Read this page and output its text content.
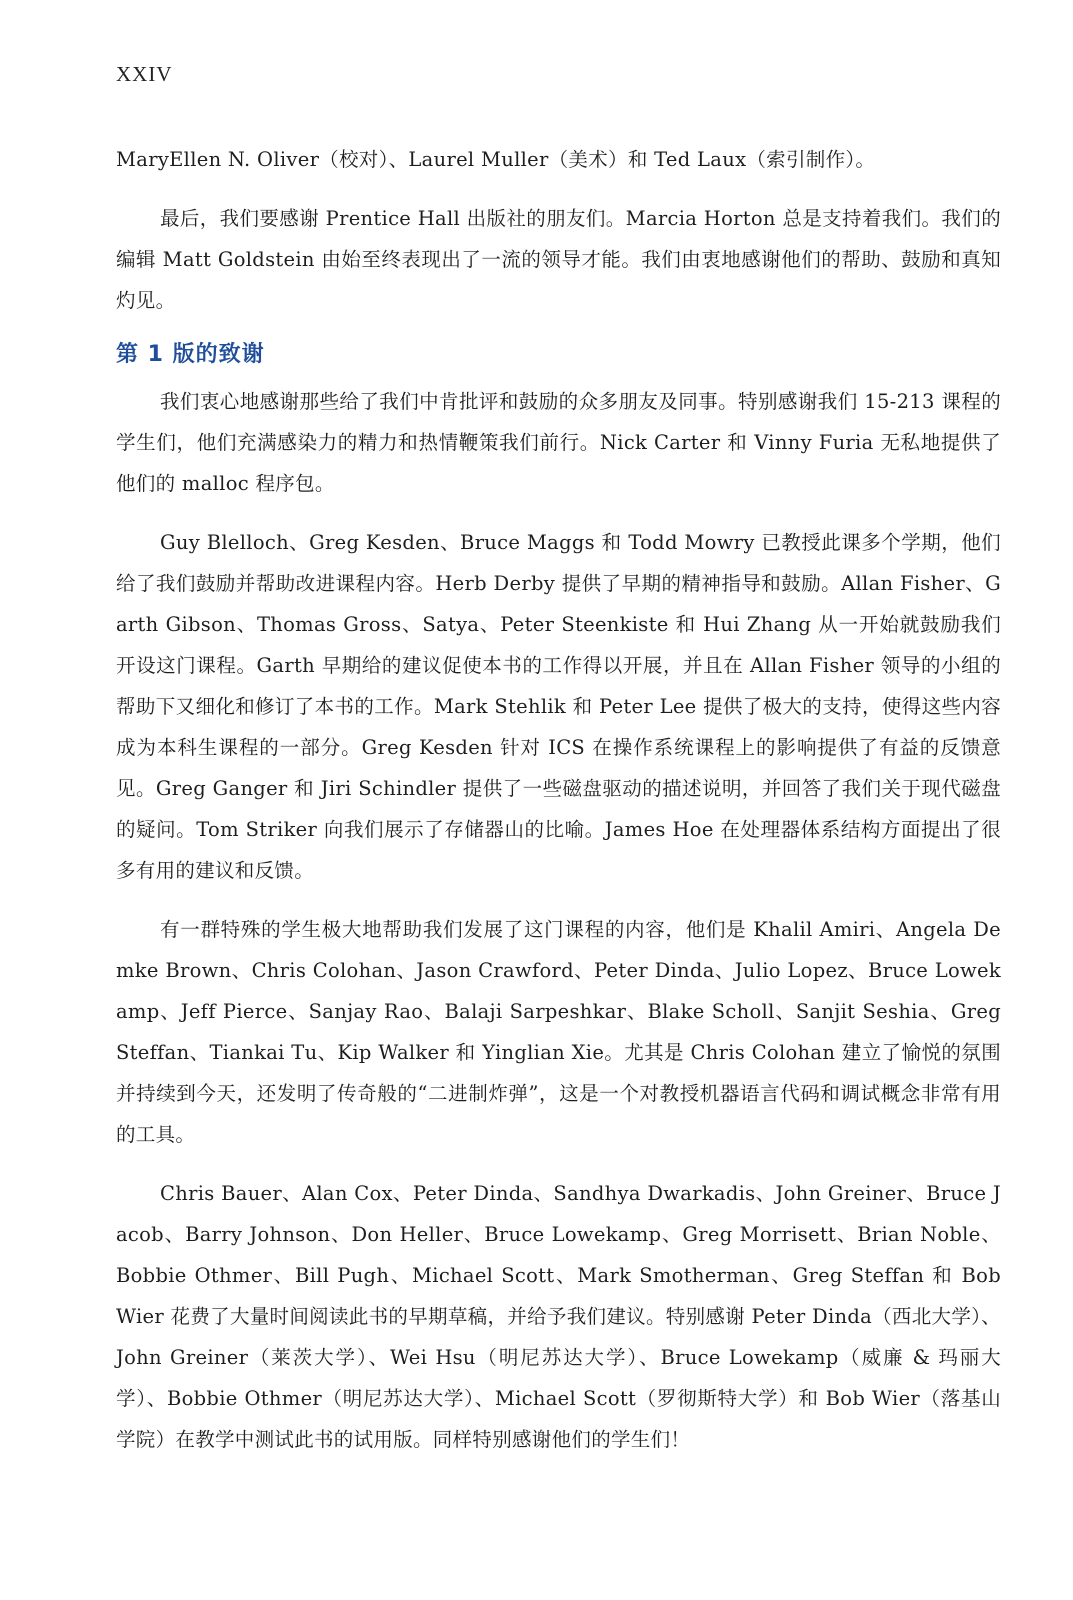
XXIV

MaryEllen N. Oliver（校对）、Laurel Muller（美术）和 Ted Laux（索引制作）。

最后，我们要感谢 Prentice Hall 出版社的朋友们。Marcia Horton 总是支持着我们。我们的编辑 Matt Goldstein 由始至终表现出了一流的领导才能。我们由衷地感谢他们的帮助、鼓励和真知灼见。

第 1 版的致谢

我们衷心地感谢那些给了我们中肯批评和鼓励的众多朋友及同事。特别感谢我们 15-213 课程的学生们，他们充满感染力的精力和热情鞭策我们前行。Nick Carter 和 Vinny Furia 无私地提供了他们的 malloc 程序包。

Guy Blelloch、Greg Kesden、Bruce Maggs 和 Todd Mowry 已教授此课多个学期，他们给了我们鼓励并帮助改进课程内容。Herb Derby 提供了早期的精神指导和鼓励。Allan Fisher、Garth Gibson、Thomas Gross、Satya、Peter Steenkiste 和 Hui Zhang 从一开始就鼓励我们开设这门课程。Garth 早期给的建议促使本书的工作得以开展，并且在 Allan Fisher 领导的小组的帮助下又细化和修订了本书的工作。Mark Stehlik 和 Peter Lee 提供了极大的支持，使得这些内容成为本科生课程的一部分。Greg Kesden 针对 ICS 在操作系统课程上的影响提供了有益的反馈意见。Greg Ganger 和 Jiri Schindler 提供了一些磁盘驱动的描述说明，并回答了我们关于现代磁盘的疑问。Tom Striker 向我们展示了存储器山的比喻。James Hoe 在处理器体系结构方面提出了很多有用的建议和反馈。

有一群特殊的学生极大地帮助我们发展了这门课程的内容，他们是 Khalil Amiri、Angela Demke Brown、Chris Colohan、Jason Crawford、Peter Dinda、Julio Lopez、Bruce Lowekamp、Jeff Pierce、Sanjay Rao、Balaji Sarpeshkar、Blake Scholl、Sanjit Seshia、Greg Steffan、Tiankai Tu、Kip Walker 和 Yinglian Xie。尤其是 Chris Colohan 建立了愉悦的氛围并持续到今天，还发明了传奇般的“二进制炸弹”，这是一个对教授机器语言代码和调试概念非常有用的工具。

Chris Bauer、Alan Cox、Peter Dinda、Sandhya Dwarkadis、John Greiner、Bruce Jacob、Barry Johnson、Don Heller、Bruce Lowekamp、Greg Morrisett、Brian Noble、Bobbie Othmer、Bill Pugh、Michael Scott、Mark Smotherman、Greg Steffan 和 Bob Wier 花费了大量时间阅读此书的早期草稿，并给予我们建议。特别感谢 Peter Dinda（西北大学）、John Greiner（莱茨大学）、Wei Hsu（明尼苏达大学）、Bruce Lowekamp（威廉 & 玛丽大学）、Bobbie Othmer（明尼苏达大学）、Michael Scott（罗彻斯特大学）和 Bob Wier（落基山学院）在教学中测试此书的试用版。同样特别感谢他们的学生们！
